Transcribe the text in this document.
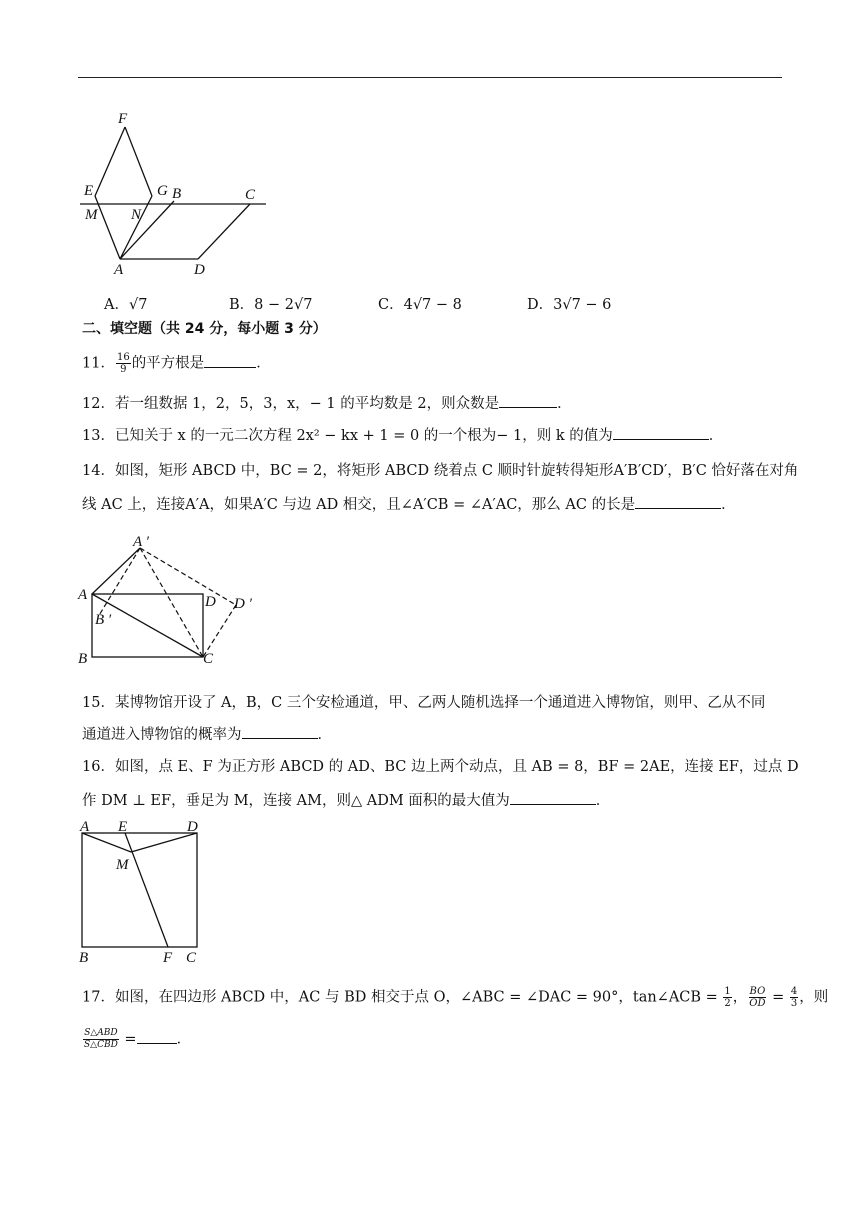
F
E	G B	C
M N
A	D
A．√7	B．8 − 2√7	C．4√7 − 8	D．3√7 − 6
二、填空题（共 24 分，每小题 3 分）
11． $\frac{16}{9}$ 的平方根是	．
12．若一组数据 1，2，5，3，x，− 1 的平均数是 2，则众数是	．
13．已知关于 x 的一元二次方程 2x² − kx + 1 = 0 的一个根为− 1，则 k 的值为	．
14．如图，矩形 ABCD 中，BC = 2，将矩形 ABCD 绕着点 C 顺时针旋转得矩形A′B′CD′，B′C 恰好落在对角
线 AC 上，连接A′A，如果A′C 与边 AD 相交，且∠A′CB = ∠A′AC，那么 AC 的长是	．
A ′
A	D D ′
B ′
B	C
15．某博物馆开设了 A，B，C 三个安检通道，甲、乙两人随机选择一个通道进入博物馆，则甲、乙从不同
通道进入博物馆的概率为	．
16．如图，点 E、F 为正方形 ABCD 的 AD、BC 边上两个动点，且 AB = 8，BF = 2AE，连接 EF，过点 D
作 DM ⊥ EF，垂足为 M，连接 AM，则△ ADM 面积的最大值为	．
A E	D
M
B	F C
17．如图，在四边形 ABCD 中，AC 与 BD 相交于点 O，∠ABC = ∠DAC = 90°，tan∠ACB = $\frac{1}{2}$ ， $\frac{BO}{OD} = \frac{4}{3}$ ，则
$\frac{\text{S△ABD}}{\text{S△CBD}}$ =	．
